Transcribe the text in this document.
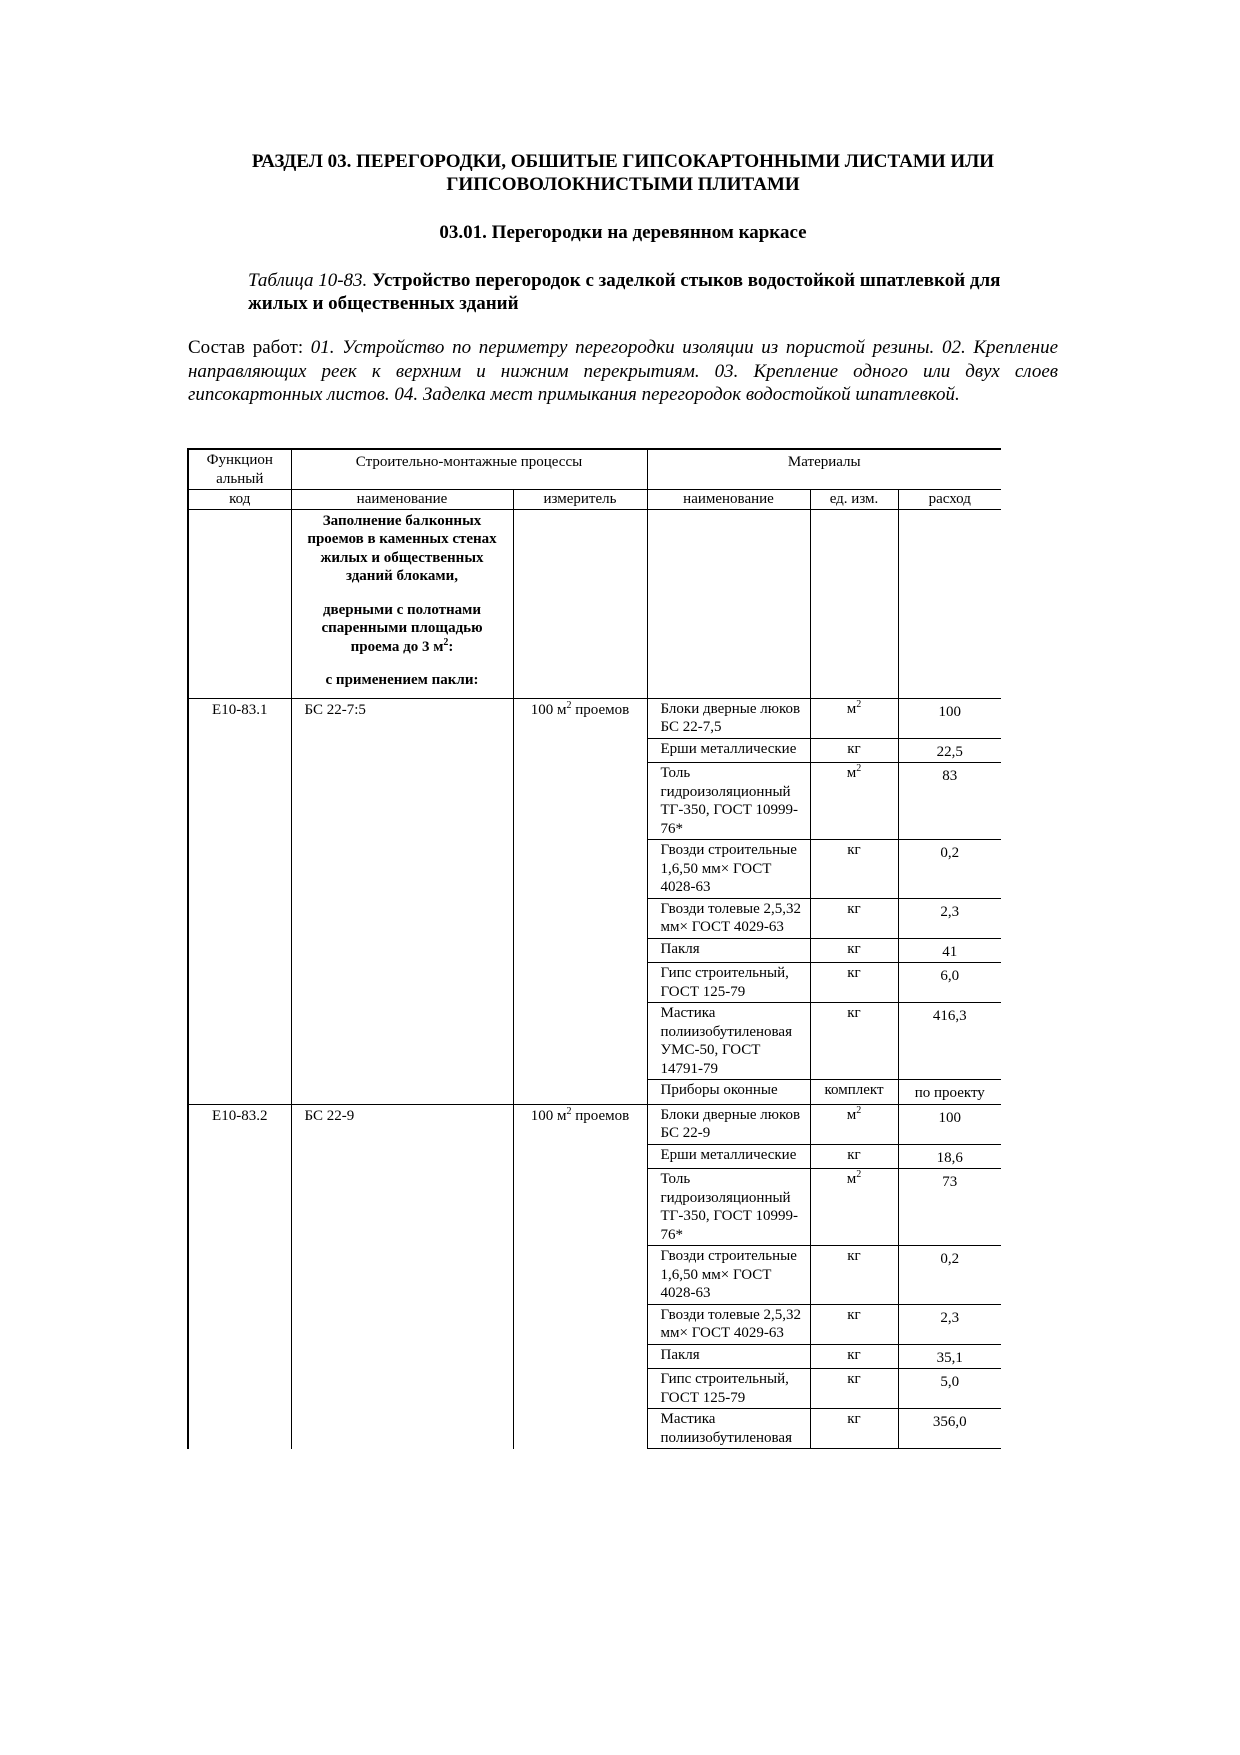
РАЗДЕЛ 03. ПЕРЕГОРОДКИ, ОБШИТЫЕ ГИПСОКАРТОННЫМИ ЛИСТАМИ ИЛИ ГИПСОВОЛОКНИСТЫМИ ПЛИТАМИ
03.01. Перегородки на деревянном каркасе
Таблица 10-83. Устройство перегородок с заделкой стыков водостойкой шпатлевкой для жилых и общественных зданий
Состав работ: 01. Устройство по периметру перегородки изоляции из пористой резины. 02. Крепление направляющих реек к верхним и нижним перекрытиям. 03. Крепление одного или двух слоев гипсокартонных листов. 04. Заделка мест примыкания перегородок водостойкой шпатлевкой.
Функцион альный	Строительно-монтажные процессы		Материалы		
код	наименование	измеритель	наименование	ед. изм.	расход

	Заполнение балконных проемов в каменных стенах жилых и общественных зданий блоками,

дверными с полотнами спаренными площадью проема до 3 $м^2$:

с применением пакли:				

Е10-83.1	БС 22-7:5	100 $м^2$ проемов	Блоки дверные люков БС 22-7,5	$м^2$	100
			Ерши металлические	кг	22,5
			Толь гидроизоляционный ТГ-350, ГОСТ 10999-76*	$м^2$	83
			Гвозди строительные 1,6,50 мм× ГОСТ 4028-63	кг	0,2
			Гвозди толевые 2,5,32 мм× ГОСТ 4029-63	кг	2,3
			Пакля	кг	41
			Гипс строительный, ГОСТ 125-79	кг	6,0
			Мастика полиизобутиленовая УМС-50, ГОСТ 14791-79	кг	416,3
			Приборы оконные	комплект	по проекту
Е10-83.2	БС 22-9	100 $м^2$ проемов	Блоки дверные люков БС 22-9	$м^2$	100
			Ерши металлические	кг	18,6
			Толь гидроизоляционный ТГ-350, ГОСТ 10999-76*	$м^2$	73
			Гвозди строительные 1,6,50 мм× ГОСТ 4028-63	кг	0,2
			Гвозди толевые 2,5,32 мм× ГОСТ 4029-63	кг	2,3
			Пакля	кг	35,1
			Гипс строительный, ГОСТ 125-79	кг	5,0
			Мастика полиизобутиленовая	кг	356,0
